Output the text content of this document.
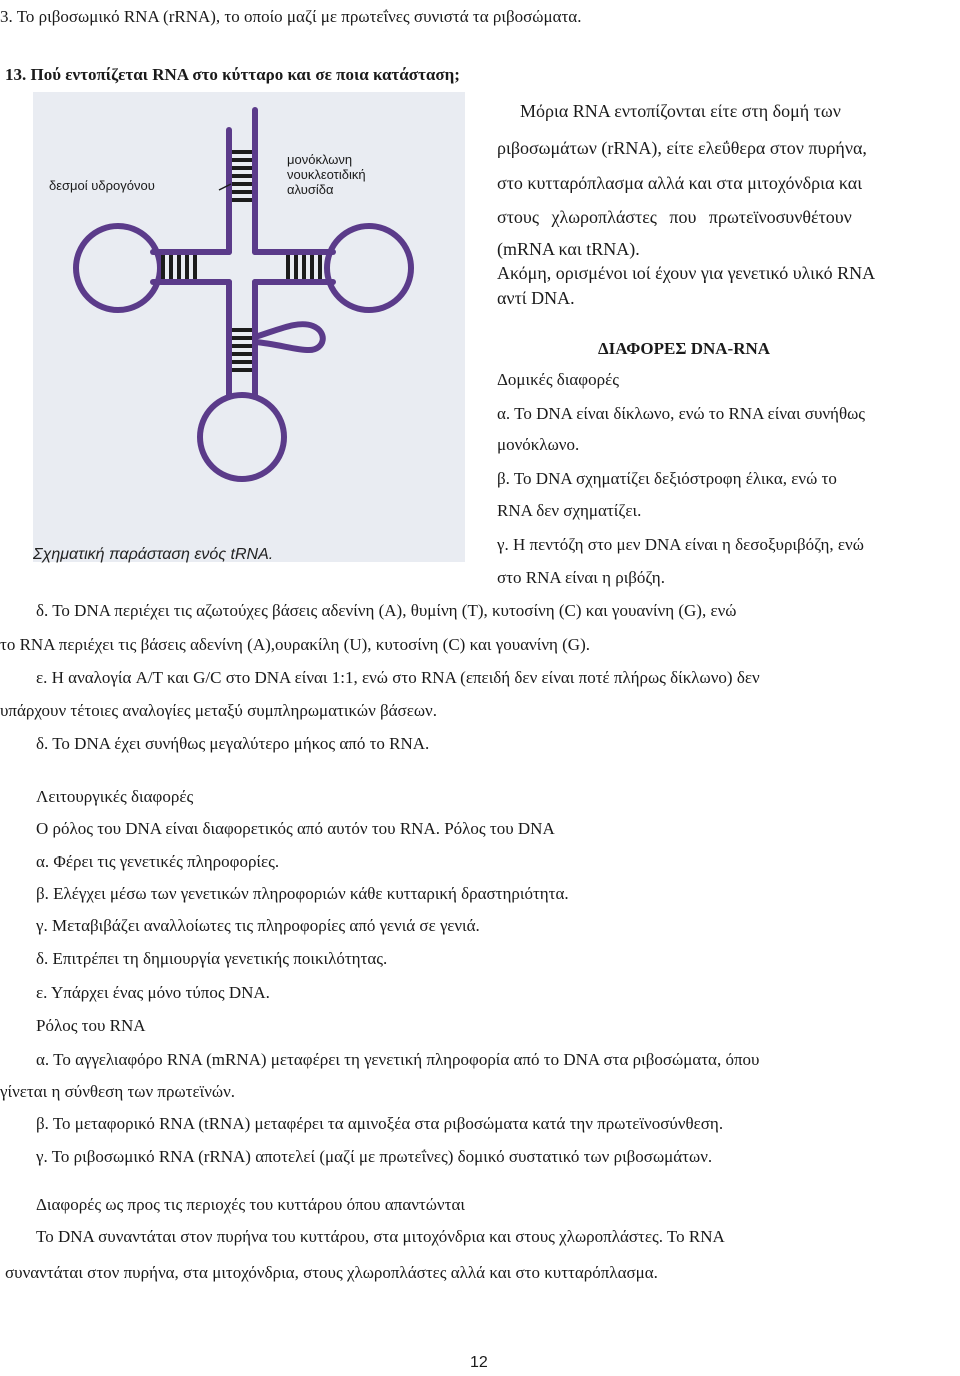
3. Το ριβοσωμικό RNA (rRNA), το οποίο μαζί με πρωτεΐνες συνιστά τα ριβοσώματα.
13. Πού εντοπίζεται RNA στο κύτταρο και σε ποια κατάσταση;
δεσμοί υδρογόνου
μονόκλωνη
νουκλεοτιδική
αλυσίδα
Σχηματική παράσταση ενός tRNA.
Μόρια RNA εντοπίζονται είτε στη δομή των
ριβοσωμάτων (rRNA), είτε ελεΰθερα στον πυρήνα,
στο κυτταρόπλασμα αλλά και στα μιτοχόνδρια και
στους χλωροπλάστες που πρωτεϊνοσυνθέτουν
(mRNA και tRNA).
Ακόμη, ορισμένοι ιοί έχουν για γενετικό υλικό RNA
αντί DNA.
ΔΙΑΦΟΡΕΣ DNA-RNA
Δομικές διαφορές
α. Το DNA είναι δίκλωνο, ενώ το RNA είναι συνήθως
μονόκλωνο.
β. Το DNA σχηματίζει δεξιόστροφη έλικα, ενώ το
RNA δεν σχηματίζει.
γ. Η πεντόζη στο μεν DNA είναι η δεσοξυριβόζη, ενώ
στο RNA είναι η ριβόζη.
δ. Το DNA περιέχει τις αζωτούχες βάσεις αδενίνη (A), θυμίνη (T), κυτοσίνη (C) και γουανίνη (G), ενώ
το RNA περιέχει τις βάσεις αδενίνη (A),ουρακίλη (U), κυτοσίνη (C) και γουανίνη (G).
ε. Η αναλογία A/T και G/C στο DNA είναι 1:1, ενώ στο RNA (επειδή δεν είναι ποτέ πλήρως δίκλωνο) δεν
υπάρχουν τέτοιες αναλογίες μεταξύ συμπληρωματικών βάσεων.
δ. Το DNA έχει συνήθως μεγαλύτερο μήκος από το RNA.
Λειτουργικές διαφορές
Ο ρόλος του DNA είναι διαφορετικός από αυτόν του RNA. Ρόλος του DNA
α. Φέρει τις γενετικές πληροφορίες.
β. Ελέγχει μέσω των γενετικών πληροφοριών κάθε κυτταρική δραστηριότητα.
γ. Μεταβιβάζει αναλλοίωτες τις πληροφορίες από γενιά σε γενιά.
δ. Επιτρέπει τη δημιουργία γενετικής ποικιλότητας.
ε. Υπάρχει ένας μόνο τύπος DNA.
Ρόλος του RNA
α. Το αγγελιαφόρο RNA (mRNA) μεταφέρει τη γενετική πληροφορία από το DNA στα ριβοσώματα, όπου
γίνεται η σύνθεση των πρωτεϊνών.
β. Το μεταφορικό RNA (tRNA) μεταφέρει τα αμινοξέα στα ριβοσώματα κατά την πρωτεϊνοσύνθεση.
γ. Το ριβοσωμικό RNA (rRNA) αποτελεί (μαζί με πρωτεΐνες) δομικό συστατικό των ριβοσωμάτων.
Διαφορές ως προς τις περιοχές του κυττάρου όπου απαντώνται
Το DNA συναντάται στον πυρήνα του κυττάρου, στα μιτοχόνδρια και στους χλωροπλάστες. Το RNA
συναντάται στον πυρήνα, στα μιτοχόνδρια, στους χλωροπλάστες αλλά και στο κυτταρόπλασμα.
12
